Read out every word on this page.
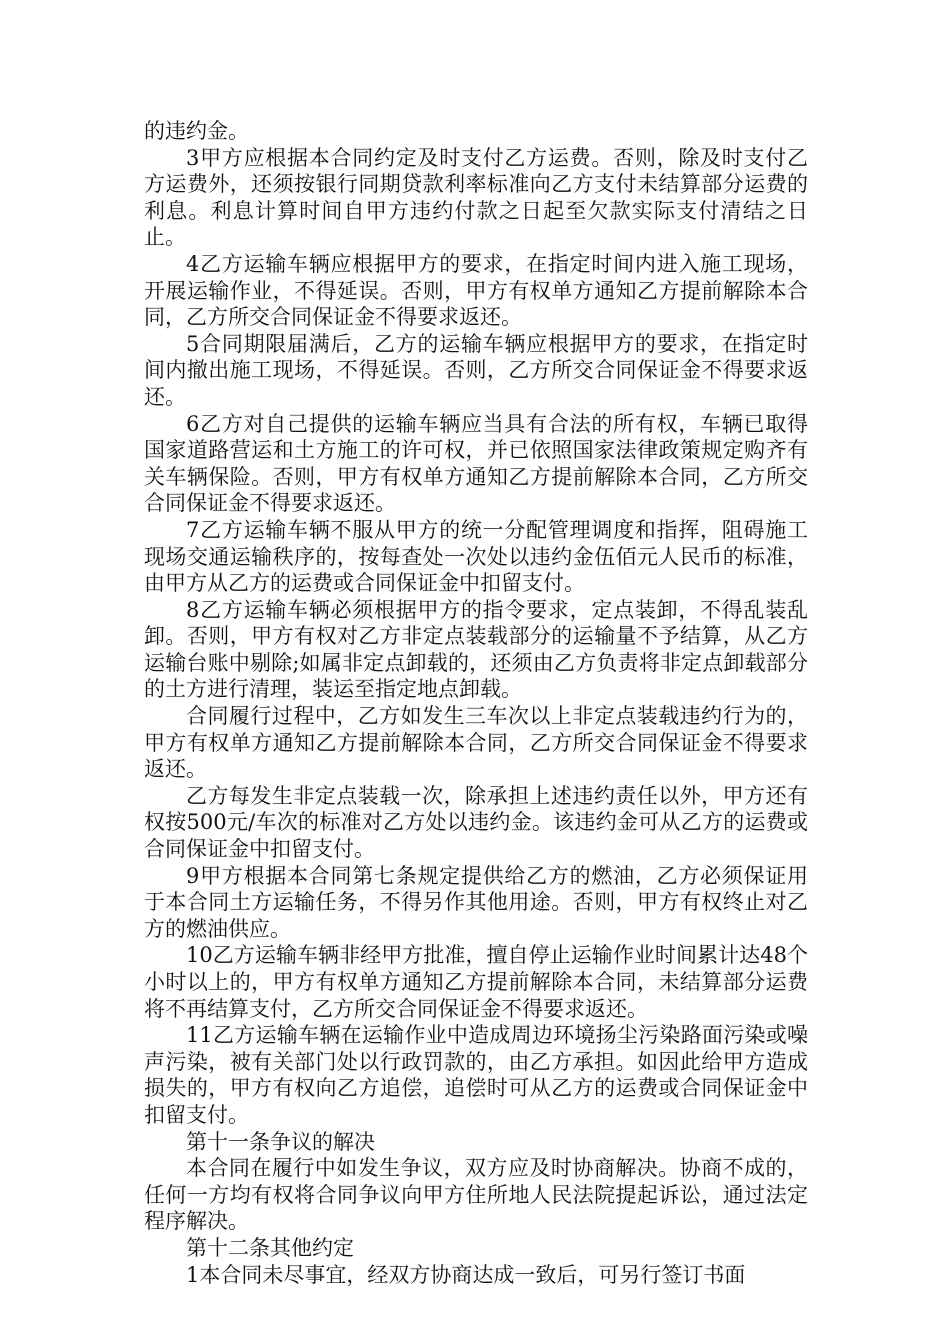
的违约金。

3甲方应根据本合同约定及时支付乙方运费。否则，除及时支付乙方运费外，还须按银行同期贷款利率标准向乙方支付未结算部分运费的利息。利息计算时间自甲方违约付款之日起至欠款实际支付清结之日止。

4乙方运输车辆应根据甲方的要求，在指定时间内进入施工现场，开展运输作业，不得延误。否则，甲方有权单方通知乙方提前解除本合同，乙方所交合同保证金不得要求返还。

5合同期限届满后，乙方的运输车辆应根据甲方的要求，在指定时间内撤出施工现场，不得延误。否则，乙方所交合同保证金不得要求返还。

6乙方对自己提供的运输车辆应当具有合法的所有权，车辆已取得国家道路营运和土方施工的许可权，并已依照国家法律政策规定购齐有关车辆保险。否则，甲方有权单方通知乙方提前解除本合同，乙方所交合同保证金不得要求返还。

7乙方运输车辆不服从甲方的统一分配管理调度和指挥，阻碍施工现场交通运输秩序的，按每查处一次处以违约金伍佰元人民币的标准，由甲方从乙方的运费或合同保证金中扣留支付。

8乙方运输车辆必须根据甲方的指令要求，定点装卸，不得乱装乱卸。否则，甲方有权对乙方非定点装载部分的运输量不予结算，从乙方运输台账中剔除;如属非定点卸载的，还须由乙方负责将非定点卸载部分的土方进行清理，装运至指定地点卸载。

合同履行过程中，乙方如发生三车次以上非定点装载违约行为的，甲方有权单方通知乙方提前解除本合同，乙方所交合同保证金不得要求返还。

乙方每发生非定点装载一次，除承担上述违约责任以外，甲方还有权按500元/车次的标准对乙方处以违约金。该违约金可从乙方的运费或合同保证金中扣留支付。

9甲方根据本合同第七条规定提供给乙方的燃油，乙方必须保证用于本合同土方运输任务，不得另作其他用途。否则，甲方有权终止对乙方的燃油供应。

10乙方运输车辆非经甲方批准，擅自停止运输作业时间累计达48个小时以上的，甲方有权单方通知乙方提前解除本合同，未结算部分运费将不再结算支付，乙方所交合同保证金不得要求返还。

11乙方运输车辆在运输作业中造成周边环境扬尘污染路面污染或噪声污染，被有关部门处以行政罚款的，由乙方承担。如因此给甲方造成损失的，甲方有权向乙方追偿，追偿时可从乙方的运费或合同保证金中扣留支付。

第十一条争议的解决

本合同在履行中如发生争议，双方应及时协商解决。协商不成的，任何一方均有权将合同争议向甲方住所地人民法院提起诉讼，通过法定程序解决。

第十二条其他约定

1本合同未尽事宜，经双方协商达成一致后，可另行签订书面
